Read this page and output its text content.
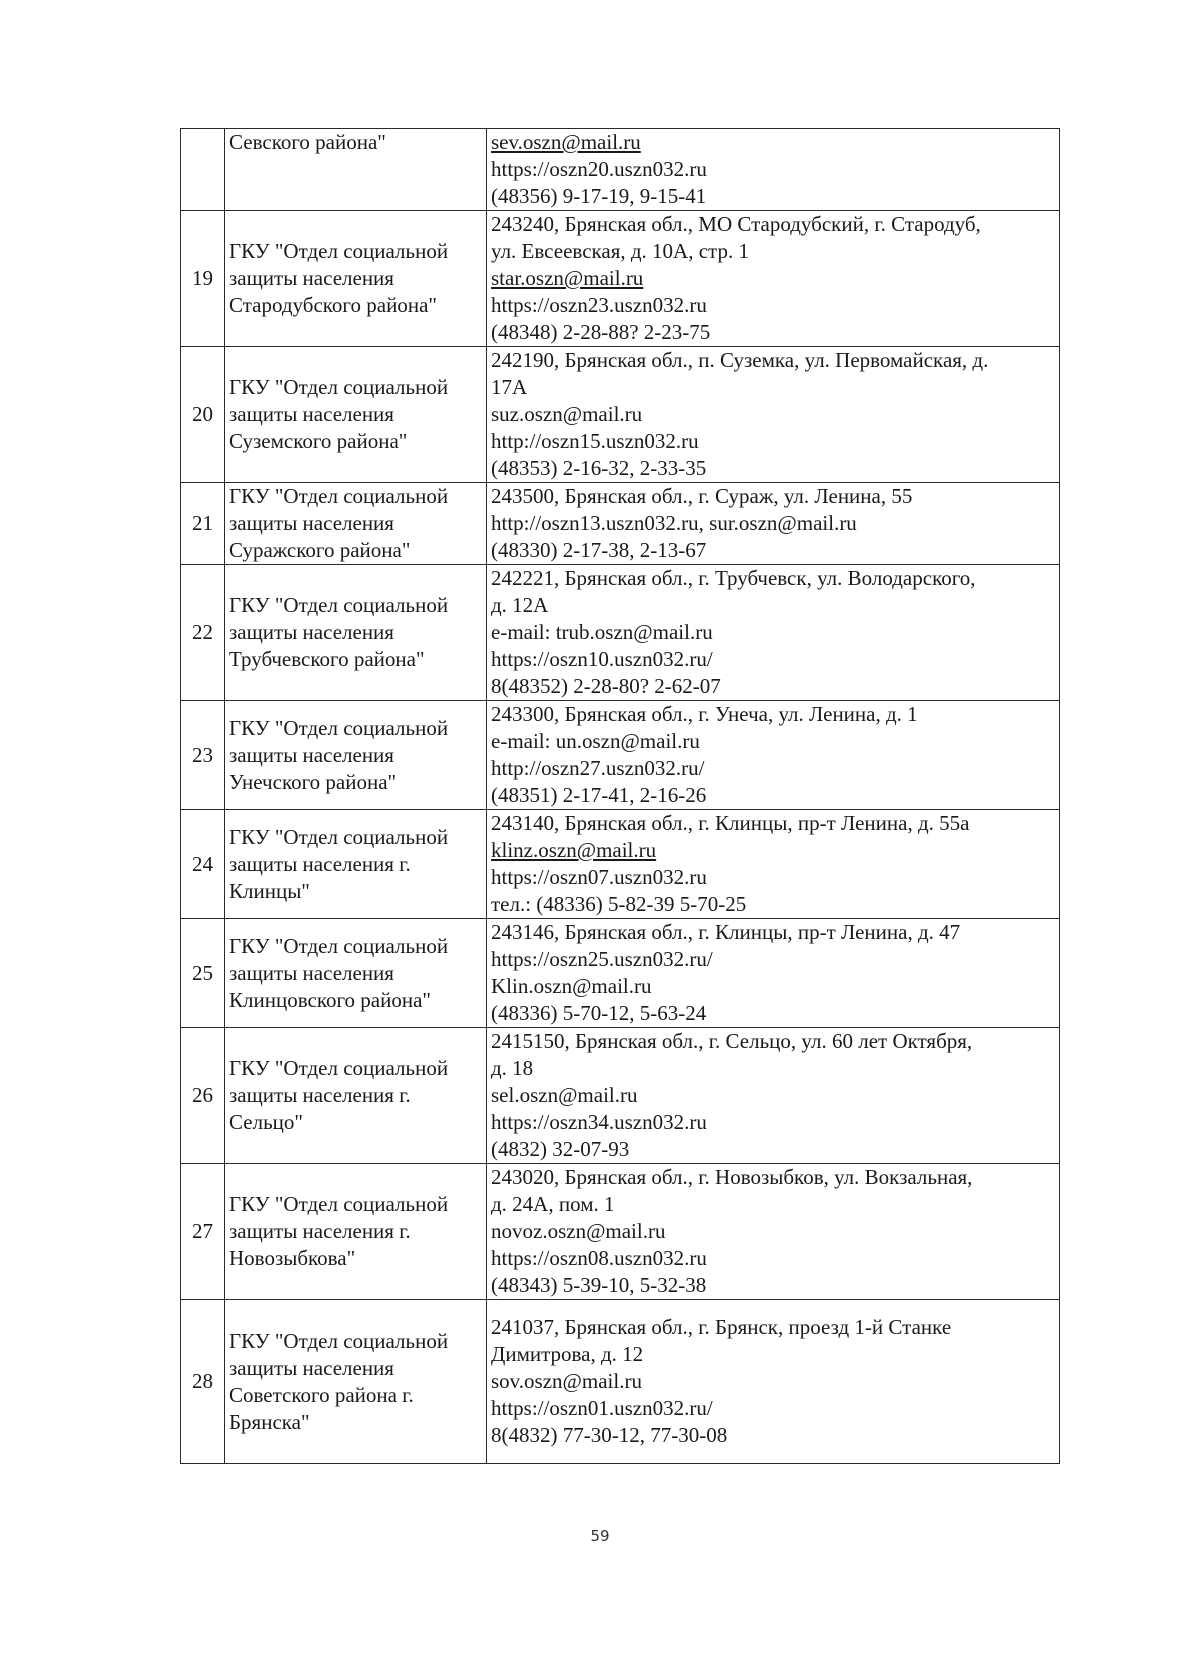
	Севского района"	sev.oszn@mail.ru
https://oszn20.uszn032.ru
(48356) 9-17-19, 9-15-41

19	ГКУ "Отдел социальной
защиты населения
Стародубского района"	243240, Брянская обл., МО Стародубский, г. Стародуб,
ул. Евсеевская, д. 10А, стр. 1
star.oszn@mail.ru
https://oszn23.uszn032.ru
(48348) 2-28-88? 2-23-75

20	ГКУ "Отдел социальной
защиты населения
Суземского района"	242190, Брянская обл., п. Суземка, ул. Первомайская, д.
17А
suz.oszn@mail.ru
http://oszn15.uszn032.ru
(48353) 2-16-32, 2-33-35

21	ГКУ "Отдел социальной
защиты населения
Суражского района"	243500, Брянская обл., г. Сураж, ул. Ленина, 55
http://oszn13.uszn032.ru, sur.oszn@mail.ru
(48330) 2-17-38, 2-13-67

22	ГКУ "Отдел социальной
защиты населения
Трубчевского района"	242221, Брянская обл., г. Трубчевск, ул. Володарского,
д. 12А
e-mail: trub.oszn@mail.ru
https://oszn10.uszn032.ru/
8(48352) 2-28-80? 2-62-07

23	ГКУ "Отдел социальной
защиты населения
Унечского района"	243300, Брянская обл., г. Унеча, ул. Ленина, д. 1
e-mail: un.oszn@mail.ru
http://oszn27.uszn032.ru/
(48351) 2-17-41, 2-16-26

24	ГКУ "Отдел социальной
защиты населения г.
Клинцы"	243140, Брянская обл., г. Клинцы, пр-т Ленина, д. 55а
klinz.oszn@mail.ru
https://oszn07.uszn032.ru
тел.: (48336) 5-82-39 5-70-25

25	ГКУ "Отдел социальной
защиты населения
Клинцовского района"	243146, Брянская обл., г. Клинцы, пр-т Ленина, д. 47
https://oszn25.uszn032.ru/
Klin.oszn@mail.ru
(48336) 5-70-12, 5-63-24

26	ГКУ "Отдел социальной
защиты населения г.
Сельцо"	2415150, Брянская обл., г. Сельцо, ул. 60 лет Октября,
д. 18
sel.oszn@mail.ru
https://oszn34.uszn032.ru
(4832) 32-07-93

27	ГКУ "Отдел социальной
защиты населения г.
Новозыбкова"	243020, Брянская обл., г. Новозыбков, ул. Вокзальная,
д. 24А, пом. 1
novoz.oszn@mail.ru
https://oszn08.uszn032.ru
(48343) 5-39-10, 5-32-38

28	ГКУ "Отдел социальной
защиты населения
Советского района г.
Брянска"	241037, Брянская обл., г. Брянск, проезд 1-й Станке
Димитрова, д. 12
sov.oszn@mail.ru
https://oszn01.uszn032.ru/
8(4832) 77-30-12, 77-30-08
59
